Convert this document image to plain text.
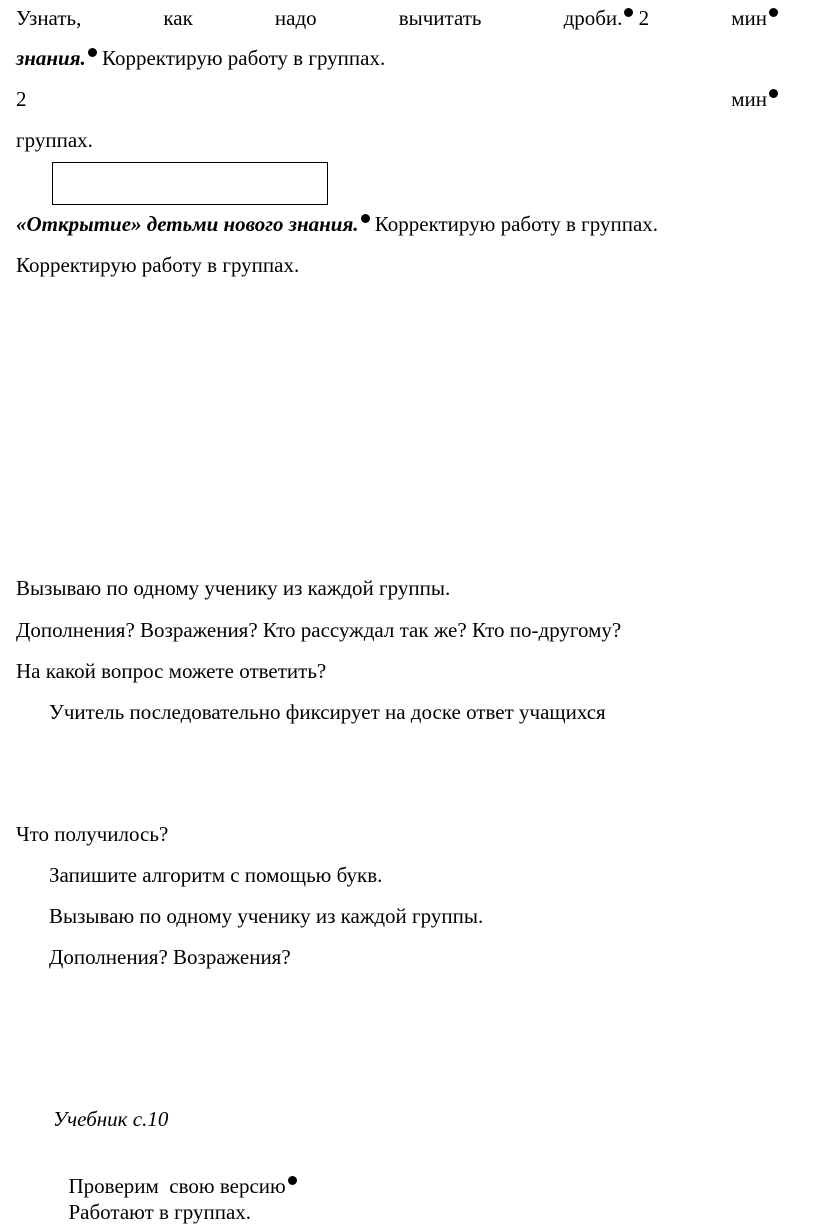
Узнать,	как	надо	вычитать	дроби. 2	мин
знания. Корректирую работу в группах.
2	мин
группах.
«Открытие» детьми нового знания. Корректирую работу в группах.
Корректирую работу в группах.
Вызываю по одному ученику из каждой группы.
Дополнения? Возражения? Кто рассуждал так же? Кто по-другому?
На какой вопрос можете ответить?
Учитель последовательно фиксирует на доске ответ учащихся
Что получилось?
Запишите алгоритм с помощью букв.
Вызываю по одному ученику из каждой группы.
Дополнения? Возражения?
Учебник с.10

Проверим  свою версию
Работают в группах.
